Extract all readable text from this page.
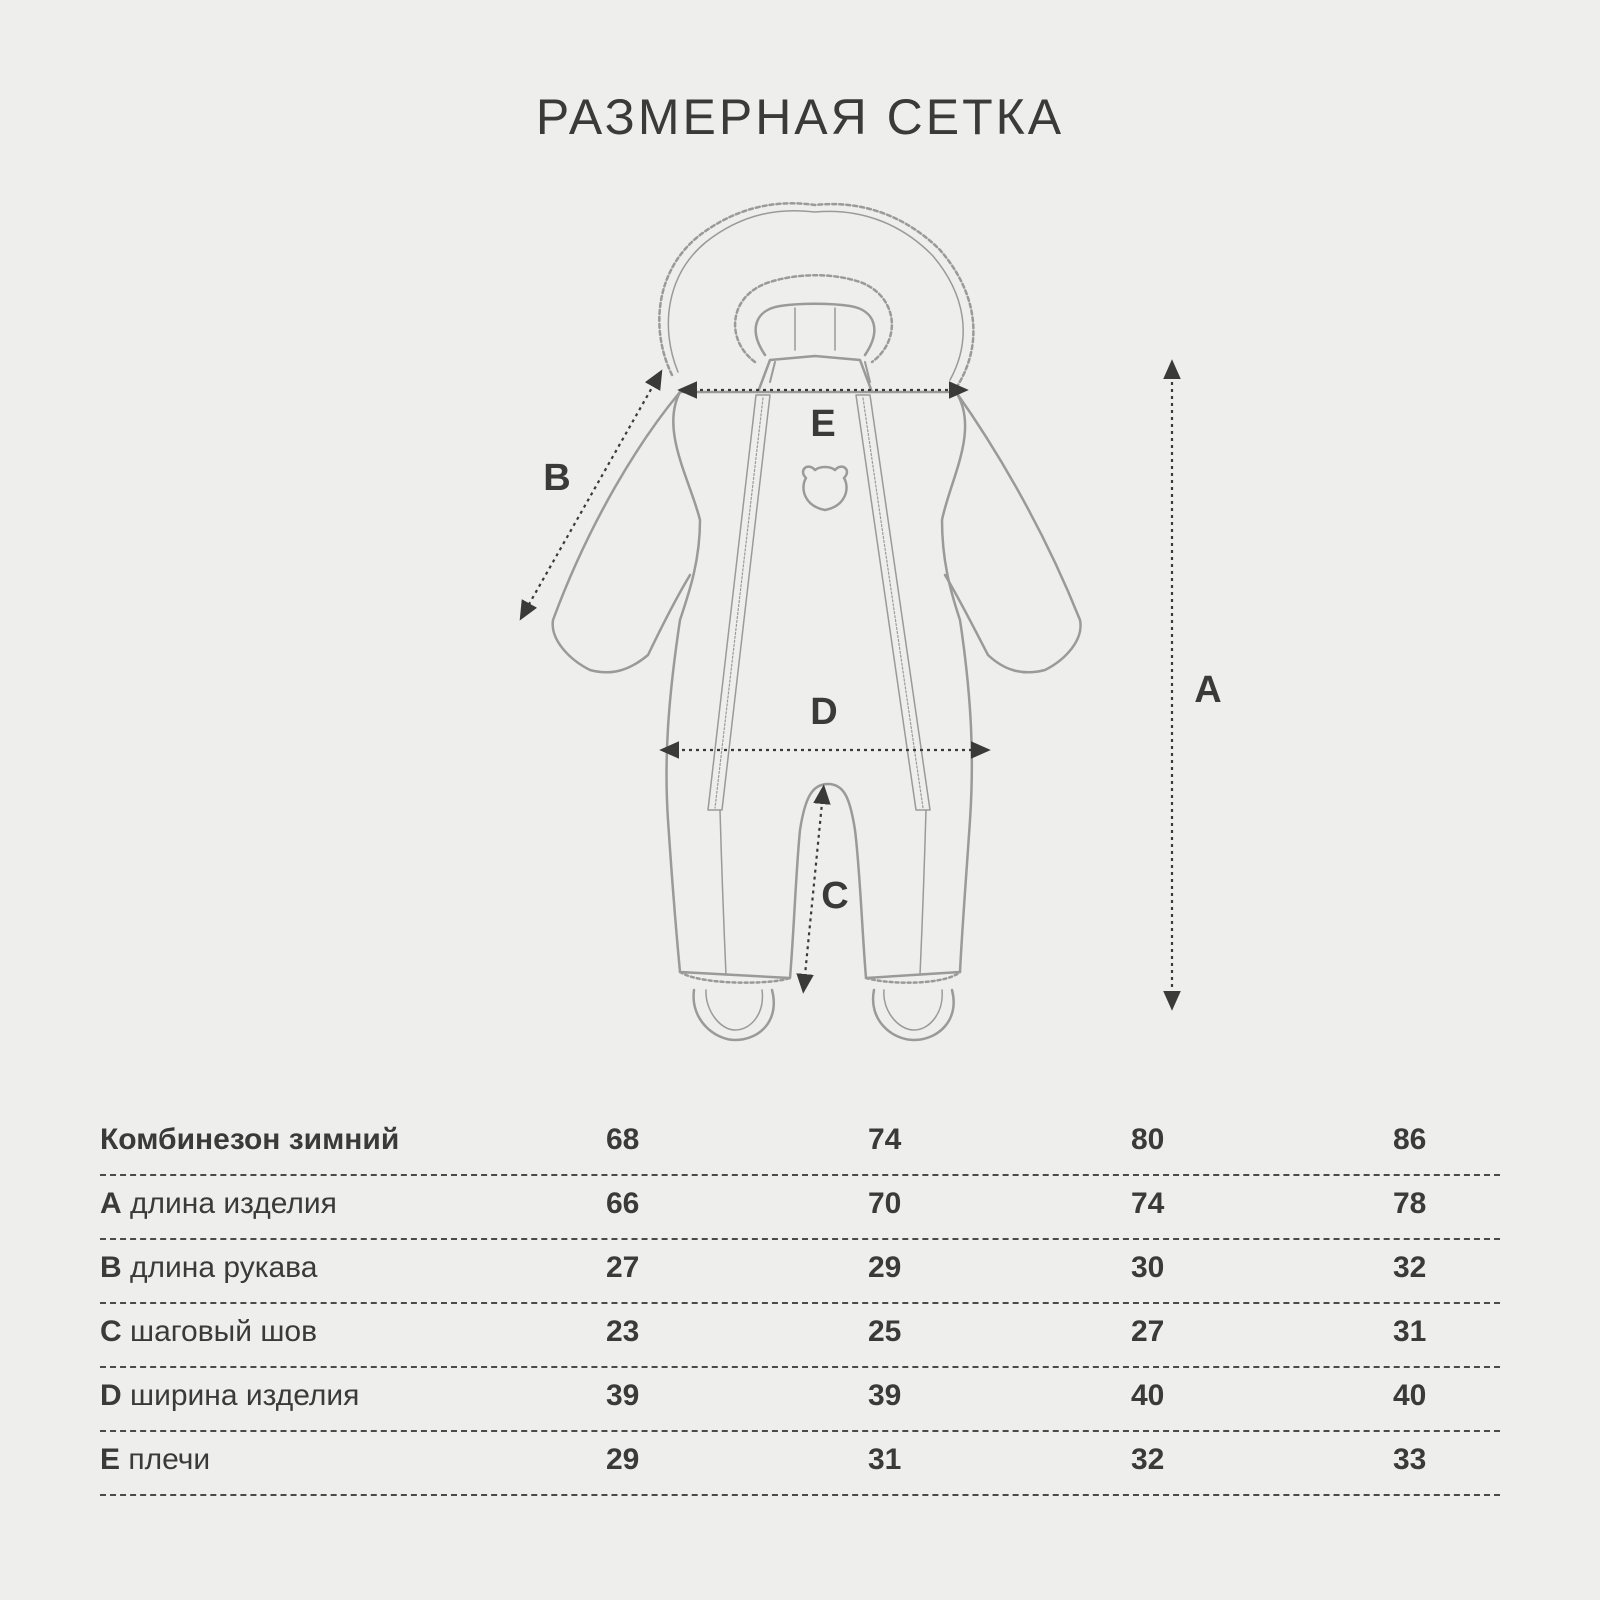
РАЗМЕРНАЯ СЕТКА
A
B
C
D
E
Комбинезон зимний	68	74	80	86
A длина изделия	66	70	74	78
B длина рукава	27	29	30	32
C шаговый шов	23	25	27	31
D ширина изделия	39	39	40	40
E плечи	29	31	32	33
